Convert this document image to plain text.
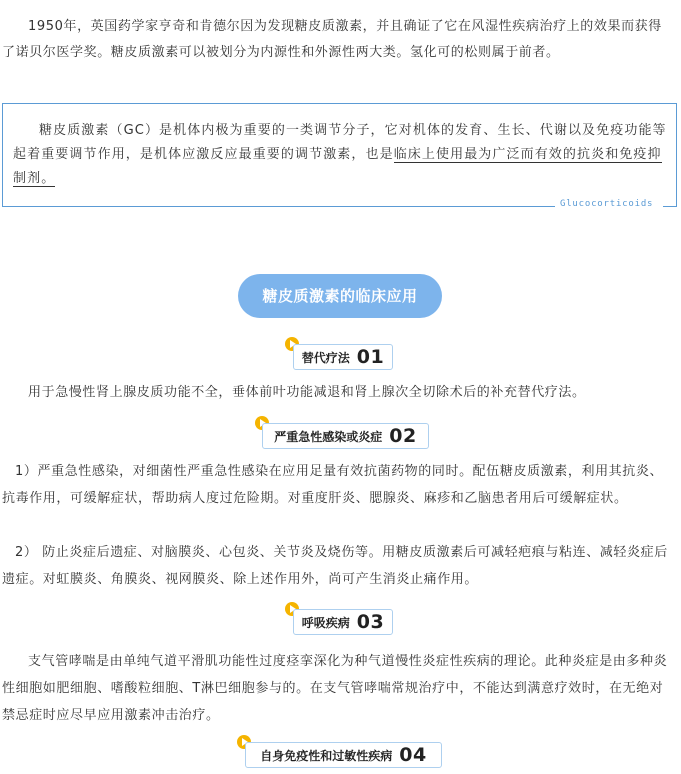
1950年，英国药学家亨奇和肯德尔因为发现糖皮质激素，并且确证了它在风湿性疾病治疗上的效果而获得了诺贝尔医学奖。糖皮质激素可以被划分为内源性和外源性两大类。氢化可的松则属于前者。

糖皮质激素（GC）是机体内极为重要的一类调节分子，它对机体的发育、生长、代谢以及免疫功能等起着重要调节作用，是机体应激反应最重要的调节激素，也是临床上使用最为广泛而有效的抗炎和免疫抑制剂。

Glucocorticoids
糖皮质激素的临床应用
替代疗法 01

用于急慢性肾上腺皮质功能不全，垂体前叶功能减退和肾上腺次全切除术后的补充替代疗法。

严重急性感染或炎症 02

1）严重急性感染，对细菌性严重急性感染在应用足量有效抗菌药物的同时。配伍糖皮质激素，利用其抗炎、抗毒作用，可缓解症状，帮助病人度过危险期。对重度肝炎、腮腺炎、麻疹和乙脑患者用后可缓解症状。

2） 防止炎症后遗症、对脑膜炎、心包炎、关节炎及烧伤等。用糖皮质激素后可减轻疤痕与粘连、减轻炎症后遗症。对虹膜炎、角膜炎、视网膜炎、除上述作用外，尚可产生消炎止痛作用。

呼吸疾病 03

支气管哮喘是由单纯气道平滑肌功能性过度痉挛深化为种气道慢性炎症性疾病的理论。此种炎症是由多种炎性细胞如肥细胞、嗜酸粒细胞、T淋巴细胞参与的。在支气管哮喘常规治疗中，不能达到满意疗效时，在无绝对禁忌症时应尽早应用激素冲击治疗。

自身免疫性和过敏性疾病 04
